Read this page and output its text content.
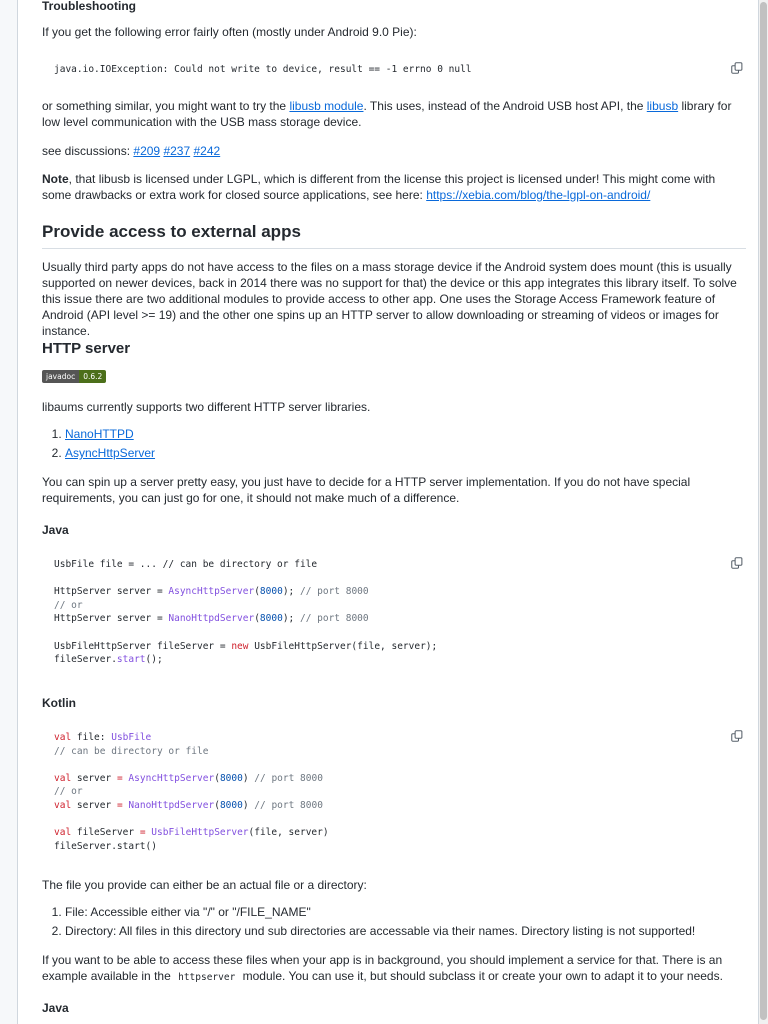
Troubleshooting

If you get the following error fairly often (mostly under Android 9.0 Pie):

java.io.IOException: Could not write to device, result == -1 errno 0 null

or something similar, you might want to try the libusb module. This uses, instead of the Android USB host API, the libusb library for low level communication with the USB mass storage device.

see discussions: #209 #237 #242

Note, that libusb is licensed under LGPL, which is different from the license this project is licensed under! This might come with some drawbacks or extra work for closed source applications, see here: https://xebia.com/blog/the-lgpl-on-android/

Provide access to external apps

Usually third party apps do not have access to the files on a mass storage device if the Android system does mount (this is usually supported on newer devices, back in 2014 there was no support for that) the device or this app integrates this library itself. To solve this issue there are two additional modules to provide access to other app. One uses the Storage Access Framework feature of Android (API level >= 19) and the other one spins up an HTTP server to allow downloading or streaming of videos or images for instance.

HTTP server
javadoc	0.6.2

libaums currently supports two different HTTP server libraries.

1. NanoHTTPD
2. AsyncHttpServer

You can spin up a server pretty easy, you just have to decide for a HTTP server implementation. If you do not have special requirements, you can just go for one, it should not make much of a difference.

Java
UsbFile file = ... // can be directory or file
HttpServer server = AsyncHttpServer(8000); // port 8000
// or
HttpServer server = NanoHttpdServer(8000); // port 8000
UsbFileHttpServer fileServer = new UsbFileHttpServer(file, server);
fileServer.start();
Kotlin
val file: UsbFile
// can be directory or file
val server = AsyncHttpServer(8000) // port 8000
// or
val server = NanoHttpdServer(8000) // port 8000
val fileServer = UsbFileHttpServer(file, server)
fileServer.start()

The file you provide can either be an actual file or a directory:

1. File: Accessible either via "/" or "/FILE_NAME"
2. Directory: All files in this directory und sub directories are accessable via their names. Directory listing is not supported!

If you want to be able to access these files when your app is in background, you should implement a service for that. There is an example available in the httpserver module. You can use it, but should subclass it or create your own to adapt it to your needs.

Java
